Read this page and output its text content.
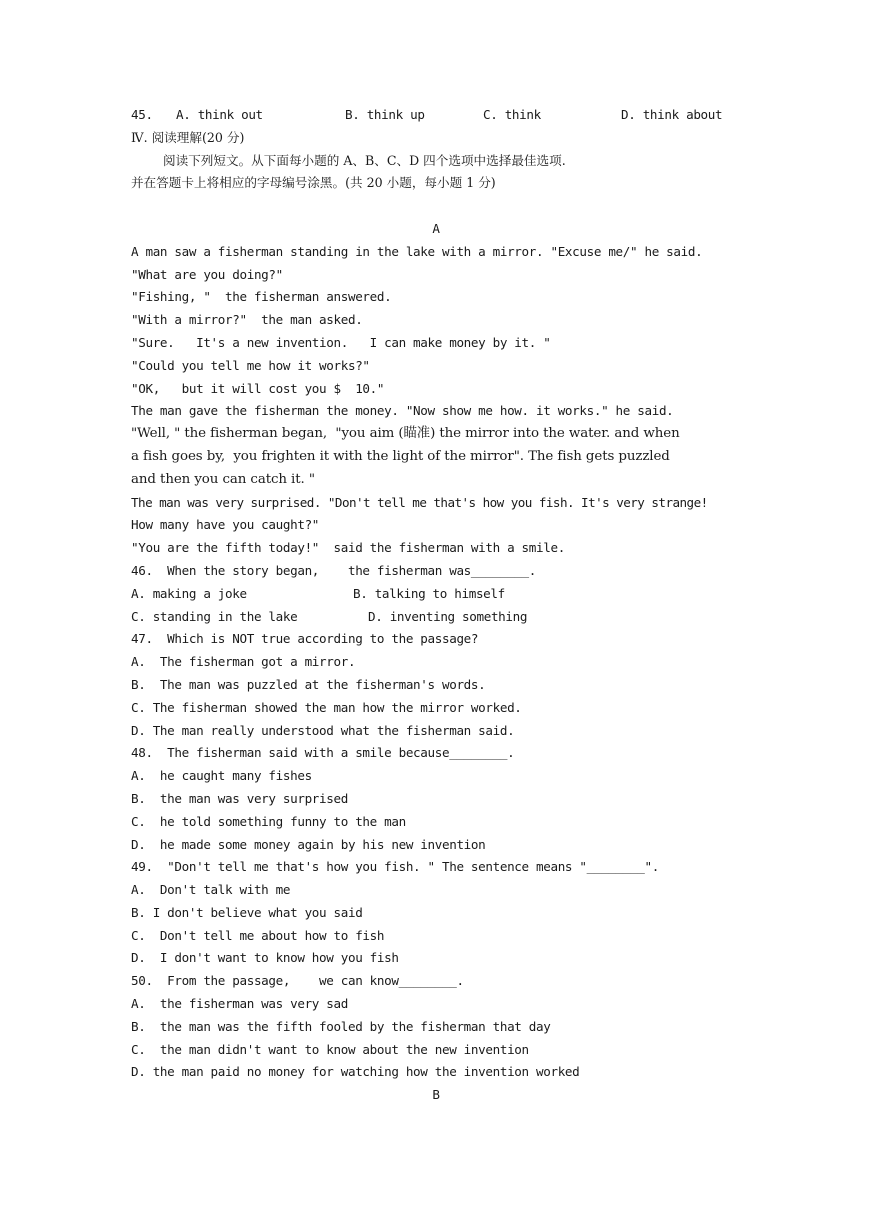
45.	A. think out	B. think up	C. think	D. think about
Ⅳ. 阅读理解(20 分)
阅读下列短文。从下面每小题的 A、B、C、D 四个选项中选择最佳选项.
并在答题卡上将相应的字母编号涂黑。(共 20 小题，每小题 1 分)
A
A man saw a fisherman standing in the lake with a mirror. "Excuse me/" he said.
"What are you doing?"
"Fishing, "  the fisherman answered.
"With a mirror?"  the man asked.
"Sure.   It's a new invention.   I can make money by it. "
"Could you tell me how it works?"
"OK,   but it will cost you $  10."
The man gave the fisherman the money. "Now show me how. it works." he said.
"Well, " the fisherman began,  "you aim (瞄准) the mirror into the water. and when
a fish goes by,  you frighten it with the light of the mirror". The fish gets puzzled
and then you can catch it. "
The man was very surprised. "Don't tell me that's how you fish. It's very strange!
How many have you caught?"
"You are the fifth today!"  said the fisherman with a smile.
46.  When the story began,    the fisherman was________.
A. making a joke	B. talking to himself
C. standing in the lake	D. inventing something
47.  Which is NOT true according to the passage?
A.  The fisherman got a mirror.
B.  The man was puzzled at the fisherman's words.
C. The fisherman showed the man how the mirror worked.
D. The man really understood what the fisherman said.
48.  The fisherman said with a smile because________.
A.  he caught many fishes
B.  the man was very surprised
C.  he told something funny to the man
D.  he made some money again by his new invention
49.  "Don't tell me that's how you fish. " The sentence means "________".
A.  Don't talk with me
B. I don't believe what you said
C.  Don't tell me about how to fish
D.  I don't want to know how you fish
50.  From the passage,    we can know________.
A.  the fisherman was very sad
B.  the man was the fifth fooled by the fisherman that day
C.  the man didn't want to know about the new invention
D. the man paid no money for watching how the invention worked
B
